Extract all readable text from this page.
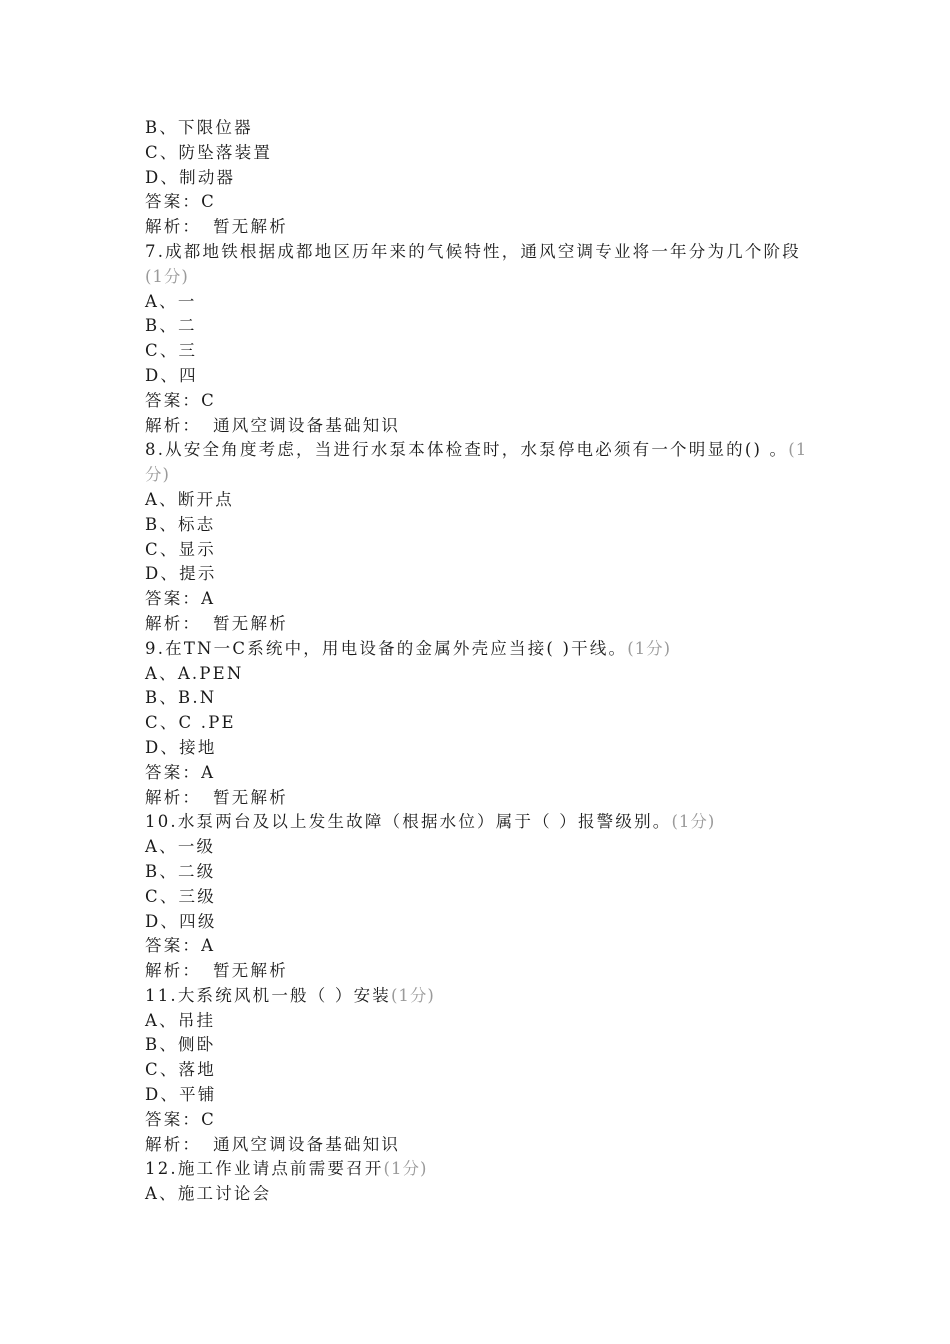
B、下限位器
C、防坠落装置
D、制动器
答案：C
解析： 暂无解析
7.成都地铁根据成都地区历年来的气候特性，通风空调专业将一年分为几个阶段(1分)
A、一
B、二
C、三
D、四
答案：C
解析： 通风空调设备基础知识
8.从安全角度考虑，当进行水泵本体检查时，水泵停电必须有一个明显的() 。(1分)
A、断开点
B、标志
C、显示
D、提示
答案：A
解析： 暂无解析
9.在TN一C系统中，用电设备的金属外壳应当接( )干线。(1分)
A、A.PEN
B、B.N
C、C .PE
D、接地
答案：A
解析： 暂无解析
10.水泵两台及以上发生故障（根据水位）属于（ ）报警级别。(1分)
A、一级
B、二级
C、三级
D、四级
答案：A
解析： 暂无解析
11.大系统风机一般（ ）安装(1分)
A、吊挂
B、侧卧
C、落地
D、平铺
答案：C
解析： 通风空调设备基础知识
12.施工作业请点前需要召开(1分)
A、施工讨论会
